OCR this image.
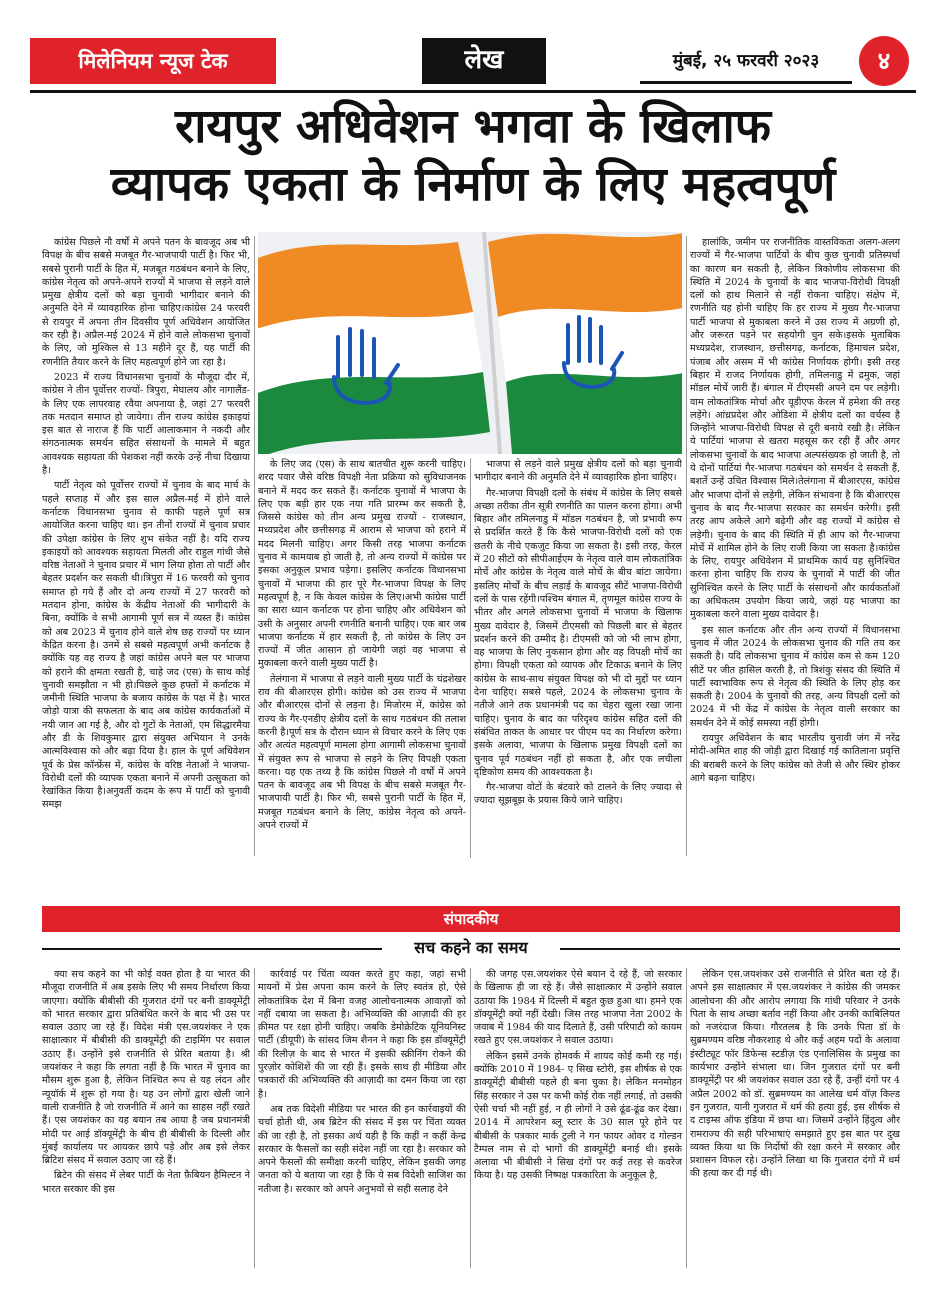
मिलेनियम न्यूज टेक	लेख	मुंबई, २५ फरवरी २०२३	४
रायपुर अधिवेशन भगवा के खिलाफ
व्यापक एकता के निर्माण के लिए महत्वपूर्ण

कांग्रेस पिछले नौ वर्षों में अपने पतन के बावजूद अब भी विपक्ष के बीच सबसे मजबूत गैर-भाजपायी पार्टी है। फिर भी, सबसे पुरानी पार्टी के हित में, मजबूत गठबंधन बनाने के लिए, कांग्रेस नेतृत्व को अपने-अपने राज्यों में भाजपा से लड़ने वाले प्रमुख क्षेत्रीय दलों को बड़ा चुनावी भागीदार बनाने की अनुमति देने में व्यावहारिक होना चाहिए।कांग्रेस 24 फरवरी से रायपुर में अपना तीन दिवसीय पूर्ण अधिवेशन आयोजित कर रही है। अप्रैल-मई 2024 में होने वाले लोकसभा चुनावों के लिए, जो मुश्किल से 13 महीने दूर हैं, यह पार्टी की रणनीति तैयार करने के लिए महत्वपूर्ण होने जा रहा है।

2023 में राज्य विधानसभा चुनावों के मौजूदा दौर में, कांग्रेस ने तीन पूर्वोत्तर राज्यों- त्रिपुरा, मेघालय और नागालैंड- के लिए एक लापरवाह रवैया अपनाया है, जहां 27 फरवरी तक मतदान समाप्त हो जायेगा। तीन राज्य कांग्रेस इकाइयां इस बात से नाराज हैं कि पार्टी आलाकमान ने नकदी और संगठनात्मक समर्थन सहित संसाधनों के मामले में बहुत आवश्यक सहायता की पेशकश नहीं करके उन्हें नीचा दिखाया है।

पार्टी नेतृत्व को पूर्वोत्तर राज्यों में चुनाव के बाद मार्च के पहले सप्ताह में और इस साल अप्रैल-मई में होने वाले कर्नाटक विधानसभा चुनाव से काफी पहले पूर्ण सत्र आयोजित करना चाहिए था। इन तीनों राज्यों में चुनाव प्रचार की उपेक्षा कांग्रेस के लिए शुभ संकेत नहीं है। यदि राज्य इकाइयों को आवश्यक सहायता मिलती और राहुल गांधी जैसे वरिष्ठ नेताओं ने चुनाव प्रचार में भाग लिया होता तो पार्टी और बेहतर प्रदर्शन कर सकती थी।त्रिपुरा में 16 फरवरी को चुनाव समाप्त हो गये हैं और दो अन्य राज्यों में 27 फरवरी को मतदान होना, कांग्रेस के केंद्रीय नेताओं की भागीदारी के बिना, क्योंकि वे सभी आगामी पूर्ण सत्र में व्यस्त हैं। कांग्रेस को अब 2023 में चुनाव होने वाले शेष छह राज्यों पर ध्यान केंद्रित करना है। उनमें से सबसे महत्वपूर्ण अभी कर्नाटक है क्योंकि यह वह राज्य है जहां कांग्रेस अपने बल पर भाजपा को हराने की क्षमता रखती है, चाहे जद (एस) के साथ कोई चुनावी समझौता न भी हो।पिछले कुछ हफ्तों में कर्नाटक में जमीनी स्थिति भाजपा के बजाय कांग्रेस के पक्ष में है। भारत जोड़ो यात्रा की सफलता के बाद अब कांग्रेस कार्यकर्ताओं में नयी जान आ गई है, और दो गुटों के नेताओं, एम सिद्धारमैया और डी के शिवकुमार द्वारा संयुक्त अभियान ने उनके आत्मविश्वास को और बढ़ा दिया है। हाल के पूर्ण अधिवेशन पूर्व के प्रेस कॉन्फ्रेंस में, कांग्रेस के वरिष्ठ नेताओं ने भाजपा-विरोधी दलों की व्यापक एकता बनाने में अपनी उत्सुकता को रेखांकित किया है।अनुवर्ती कदम के रूप में पार्टी को चुनावी समझ

के लिए जद (एस) के साथ बातचीत शुरू करनी चाहिए। शरद पवार जैसे वरिष्ठ विपक्षी नेता प्रक्रिया को सुविधाजनक बनाने में मदद कर सकते हैं। कर्नाटक चुनावों में भाजपा के लिए एक बड़ी हार एक नया गति प्रारम्भ कर सकती है, जिससे कांग्रेस को तीन अन्य प्रमुख राज्यों - राजस्थान, मध्यप्रदेश और छत्तीसगढ़ में आराम से भाजपा को हराने में मदद मिलनी चाहिए। अगर किसी तरह भाजपा कर्नाटक चुनाव में कामयाब हो जाती है, तो अन्य राज्यों में कांग्रेस पर इसका अनुकूल प्रभाव पड़ेगा। इसलिए कर्नाटक विधानसभा चुनावों में भाजपा की हार पूरे गैर-भाजपा विपक्ष के लिए महत्वपूर्ण है, न कि केवल कांग्रेस के लिए।अभी कांग्रेस पार्टी का सारा ध्यान कर्नाटक पर होना चाहिए और अधिवेशन को उसी के अनुसार अपनी रणनीति बनानी चाहिए। एक बार जब भाजपा कर्नाटक में हार सकती है, तो कांग्रेस के लिए उन राज्यों में जीत आसान हो जायेगी जहां वह भाजपा से मुकाबला करने वाली मुख्य पार्टी है।

तेलंगाना में भाजपा से लड़ने वाली मुख्य पार्टी के चंद्रशेखर राव की बीआरएस होगी। कांग्रेस को उस राज्य में भाजपा और बीआरएस दोनों से लड़ना है। मिजोरम में, कांग्रेस को राज्य के गैर-एनडीए क्षेत्रीय दलों के साथ गठबंधन की तलाश करनी है।पूर्ण सत्र के दौरान ध्यान से विचार करने के लिए एक और अत्यंत महत्वपूर्ण मामला होगा आगामी लोकसभा चुनावों में संयुक्त रूप से भाजपा से लड़ने के लिए विपक्षी एकता करना। यह एक तथ्य है कि कांग्रेस पिछले नौ वर्षों में अपने पतन के बावजूद अब भी विपक्ष के बीच सबसे मजबूत गैर-भाजपायी पार्टी है। फिर भी, सबसे पुरानी पार्टी के हित में, मजबूत गठबंधन बनाने के लिए, कांग्रेस नेतृत्व को अपने-अपने राज्यों में

भाजपा से लड़ने वाले प्रमुख क्षेत्रीय दलों को बड़ा चुनावी भागीदार बनाने की अनुमति देने में व्यावहारिक होना चाहिए।

गैर-भाजपा विपक्षी दलों के संबंध में कांग्रेस के लिए सबसे अच्छा तरीका तीन सूत्री रणनीति का पालन करना होगा। अभी बिहार और तमिलनाडु में मॉडल गठबंधन है, जो प्रभावी रूप से प्रदर्शित करते हैं कि कैसे भाजपा-विरोधी दलों को एक छतरी के नीचे एकजुट किया जा सकता है। इसी तरह, केरल में 20 सीटों को सीपीआईएम के नेतृत्व वाले वाम लोकतांत्रिक मोर्चे और कांग्रेस के नेतृत्व वाले मोर्चे के बीच बांटा जायेगा। इसलिए मोर्चों के बीच लड़ाई के बावजूद सीटें भाजपा-विरोधी दलों के पास रहेंगी।पश्चिम बंगाल में, तृणमूल कांग्रेस राज्य के भीतर और अगले लोकसभा चुनावों में भाजपा के खिलाफ मुख्य दावेदार है, जिसमें टीएमसी को पिछली बार से बेहतर प्रदर्शन करने की उम्मीद है। टीएमसी को जो भी लाभ होगा, वह भाजपा के लिए नुकसान होगा और वह विपक्षी मोर्चे का होगा। विपक्षी एकता को व्यापक और टिकाऊ बनाने के लिए कांग्रेस के साथ-साथ संयुक्त विपक्ष को भी दो मुद्दों पर ध्यान देना चाहिए। सबसे पहले, 2024 के लोकसभा चुनाव के नतीजे आने तक प्रधानमंत्री पद का चेहरा खुला रखा जाना चाहिए। चुनाव के बाद का परिदृश्य कांग्रेस सहित दलों की संबंधित ताकत के आधार पर पीएम पद का निर्धारण करेगा। इसके अलावा, भाजपा के खिलाफ प्रमुख विपक्षी दलों का चुनाव पूर्व गठबंधन नहीं हो सकता है, और एक लचीला दृष्टिकोण समय की आवश्यकता है।

गैर-भाजपा वोटों के बंटवारे को टालने के लिए ज्यादा से ज्यादा सूझबूझ के प्रयास किये जाने चाहिए।

हालांकि, जमीन पर राजनीतिक वास्तविकता अलग-अलग राज्यों में गैर-भाजपा पार्टियों के बीच कुछ चुनावी प्रतिस्पर्धा का कारण बन सकती है, लेकिन त्रिकोणीय लोकसभा की स्थिति में 2024 के चुनावों के बाद भाजपा-विरोधी विपक्षी दलों को हाथ मिलाने से नहीं रोकना चाहिए। संक्षेप में, रणनीति यह होनी चाहिए कि हर राज्य में मुख्य गैर-भाजपा पार्टी भाजपा से मुकाबला करने में उस राज्य में अग्रणी हो, और जरूरत पड़ने पर सहयोगी चुन सके।इसके मुताबिक मध्यप्रदेश, राजस्थान, छत्तीसगढ़, कर्नाटक, हिमाचल प्रदेश, पंजाब और असम में भी कांग्रेस निर्णायक होगी। इसी तरह बिहार में राजद निर्णायक होगी, तमिलनाडु में द्रमुक, जहां मॉडल मोर्चे जारी हैं। बंगाल में टीएमसी अपने दम पर लड़ेगी। वाम लोकतांत्रिक मोर्चा और यूडीएफ केरल में हमेशा की तरह लड़ेंगे। आंध्रप्रदेश और ओडिशा में क्षेत्रीय दलों का वर्चस्व है जिन्होंने भाजपा-विरोधी विपक्ष से दूरी बनाये रखी है। लेकिन ये पार्टियां भाजपा से खतरा महसूस कर रही हैं और अगर लोकसभा चुनावों के बाद भाजपा अल्पसंख्यक हो जाती है, तो ये दोनों पार्टियां गैर-भाजपा गठबंधन को समर्थन दे सकती हैं, बशर्ते उन्हें उचित विश्वास मिले।तेलंगाना में बीआरएस, कांग्रेस और भाजपा दोनों से लड़ेगी, लेकिन संभावना है कि बीआरएस चुनाव के बाद गैर-भाजपा सरकार का समर्थन करेगी। इसी तरह आप अकेले आगे बढ़ेगी और वह राज्यों में कांग्रेस से लड़ेगी। चुनाव के बाद की स्थिति में ही आप को गैर-भाजपा मोर्चे में शामिल होने के लिए राजी किया जा सकता है।कांग्रेस के लिए, रायपुर अधिवेशन में प्राथमिक कार्य यह सुनिश्चित करना होना चाहिए कि राज्य के चुनावों में पार्टी की जीत सुनिश्चित करने के लिए पार्टी के संसाधनों और कार्यकर्ताओं का अधिकतम उपयोग किया जाये, जहां यह भाजपा का मुकाबला करने वाला मुख्य दावेदार है।

इस साल कर्नाटक और तीन अन्य राज्यों में विधानसभा चुनाव में जीत 2024 के लोकसभा चुनाव की गति तय कर सकती है। यदि लोकसभा चुनाव में कांग्रेस कम से कम 120 सीटें पर जीत हासिल करती है, तो त्रिशंकु संसद की स्थिति में पार्टी स्वाभाविक रूप से नेतृत्व की स्थिति के लिए होड़ कर सकती है। 2004 के चुनावों की तरह, अन्य विपक्षी दलों को 2024 में भी केंद्र में कांग्रेस के नेतृत्व वाली सरकार का समर्थन देने में कोई समस्या नहीं होगी।

रायपुर अधिवेशन के बाद भारतीय चुनावी जंग में नरेंद्र मोदी-अमित शाह की जोड़ी द्वारा दिखाई गई कातिलाना प्रवृत्ति की बराबरी करने के लिए कांग्रेस को तेजी से और स्थिर होकर आगे बढ़ना चाहिए।

संपादकीय
सच कहने का समय

क्या सच कहने का भी कोई वक्त होता है या भारत की मौजूदा राजनीति में अब इसके लिए भी समय निर्धारण किया जाएगा। क्योंकि बीबीसी की गुजरात दंगों पर बनी डाक्यूमेंट्री को भारत सरकार द्वारा प्रतिबंधित करने के बाद भी उस पर सवाल उठाए जा रहे हैं। विदेश मंत्री एस.जयशंकर ने एक साक्षात्कार में बीबीसी की डाक्यूमेंट्री की टाइमिंग पर सवाल उठाए हैं। उन्होंने इसे राजनीति से प्रेरित बताया है। श्री जयशंकर ने कहा कि लगता नहीं है कि भारत में चुनाव का मौसम शुरू हुआ है, लेकिन निश्चित रूप से यह लंदन और न्यूयॉर्क में शुरू हो गया है। यह उन लोगों द्वारा खेली जाने वाली राजनीति है जो राजनीति में आने का साहस नहीं रखते हैं। एस जयशंकर का यह बयान तब आया है जब प्रधानमंत्री मोदी पर आई डॉक्यूमेंट्री के बीच ही बीबीसी के दिल्ली और मुंबई कार्यालय पर आयकर छापे पड़े और अब इसे लेकर ब्रिटिश संसद में सवाल उठाए जा रहे हैं।

ब्रिटेन की संसद में लेबर पार्टी के नेता फ़ैबियन हैमिल्टन ने भारत सरकार की इस

कार्रवाई पर चिंता व्यक्त करते हुए कहा, जहां सभी मायनों में प्रेस अपना काम करने के लिए स्वतंत्र हो, ऐसे लोकतांत्रिक देश में बिना वजह आलोचनात्मक आवाज़ों को नहीं दबाया जा सकता है। अभिव्यक्ति की आज़ादी की हर क़ीमत पर रक्षा होनी चाहिए। जबकि डेमोक्रेटिक यूनियनिस्ट पार्टी (डीयूपी) के सांसद जिम शैनन ने कहा कि इस डॉक्यूमेंट्री की रिलीज़ के बाद से भारत में इसकी स्क्रीनिंग रोकने की पुरज़ोर कोशिशें की जा रही हैं। इसके साथ ही मीडिया और पत्रकारों की अभिव्यक्ति की आज़ादी का दमन किया जा रहा है।

अब तक विदेशी मीडिया पर भारत की इन कार्रवाइयों की चर्चा होती थी, अब ब्रिटेन की संसद में इस पर चिंता व्यक्त की जा रही है, तो इसका अर्थ यही है कि कहीं न कहीं केन्द्र सरकार के फैसलों का सही संदेश नहीं जा रहा है। सरकार को अपने फैसलों की समीक्षा करनी चाहिए, लेकिन इसकी जगह जनता को ये बताया जा रहा है कि ये सब विदेशी साजिश का नतीजा है। सरकार को अपने अनुभवों से सही सलाह देने

की जगह एस.जयशंकर ऐसे बयान दे रहे हैं, जो सरकार के खिलाफ ही जा रहे हैं। जैसे साक्षात्कार में उन्होंने सवाल उठाया कि 1984 में दिल्ली में बहुत कुछ हुआ था। हमने एक डॉक्यूमेंट्री क्यों नहीं देखी। जिस तरह भाजपा नेता 2002 के जवाब में 1984 की याद दिलाते हैं, उसी परिपाटी को कायम रखते हुए एस.जयशंकर ने सवाल उठाया।

लेकिन इसमें उनके होमवर्क में शायद कोई कमी रह गई। क्योंकि 2010 में 1984- ए सिख स्टोरी, इस शीर्षक से एक डाक्यूमेंट्री बीबीसी पहले ही बना चुका है। लेकिन मनमोहन सिंह सरकार ने उस पर कभी कोई रोक नहीं लगाई, तो उसकी ऐसी चर्चा भी नहीं हुई, न ही लोगों ने उसे ढूंढ-ढूंढ कर देखा। 2014 में आपरेशन ब्लू स्टार के 30 साल पूरे होने पर बीबीसी के पत्रकार मार्क टुली ने गन फायर ओवर द गोल्डन टैम्पल नाम से दो भागों की डाक्यूमेंट्री बनाई थी। इसके अलावा भी बीबीसी ने सिख दंगों पर कई तरह से कवरेज किया है। यह उसकी निष्पक्ष पत्रकारिता के अनुकूल है,

लेकिन एस.जयशंकर उसे राजनीति से प्रेरित बता रहे हैं।अपने इस साक्षात्कार में एस.जयशंकर ने कांग्रेस की जमकर आलोचना की और आरोप लगाया कि गांधी परिवार ने उनके पिता के साथ अच्छा बर्ताव नहीं किया और उनकी काबिलियत को नजरंदाज किया। गौरतलब है कि उनके पिता डॉ के सुब्रमण्यम वरिष्ठ नौकरशाह थे और कई अहम पदों के अलावा इंस्टीट्यूट फॉर डिफेन्स स्टडीज़ एंड एनालिसिस के प्रमुख का कार्यभार उन्होंने संभाला था। जिन गुजरात दंगों पर बनी डाक्यूमेंट्री पर श्री जयशंकर सवाल उठा रहे हैं, उन्हीं दंगों पर 4 अप्रैल 2002 को डॉ. सुब्रमण्यम का आलेख धर्म वॉज़ किल्ड इन गुजरात, यानी गुजरात में धर्म की हत्या हुई, इस शीर्षक से द टाइम्स ऑफ इंडिया में छपा था। जिसमें उन्होंने हिंदुत्व और रामराज्य की सही परिभाषाएं समझाते हुए इस बात पर दुख व्यक्त किया था कि निर्दोषों की रक्षा करने में सरकार और प्रशासन विफल रहे। उन्होंने लिखा था कि गुजरात दंगों में धर्म की हत्या कर दी गई थी।
